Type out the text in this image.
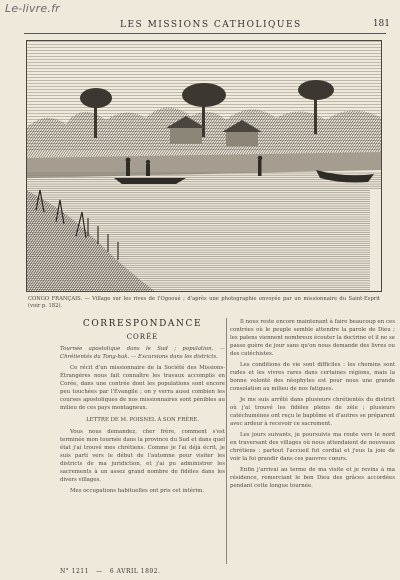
Le-livre.fr
LES MISSIONS CATHOLIQUES	181
CONGO FRANÇAIS. — Village sur les rives de l'Ogooué ; d'après une photographie envoyée par un missionnaire du Saint-Esprit (voir p. 182).
CORRESPONDANCE
CORÉE

Tournée apostolique dans le Sud ; population. — Chrétientés du Tong-hak. — Excursions dans les districts.

Ce récit d'un missionnaire de la Société des Missions-Étrangères nous fait connaître les travaux accomplis en Corée, dans une contrée dont les populations sont encore peu touchées par l'Évangile ; on y verra aussi combien les courses apostoliques de nos missionnaires sont pénibles au milieu de ces pays montagneux.

LETTRE DE M. POISNEL À SON FRÈRE.

Vous nous demandez, cher frère, comment s'est terminée mon tournée dans la province du Sud et dans quel état j'ai trouvé mes chrétiens. Comme je l'ai déjà écrit, je suis parti vers le début de l'automne pour visiter les districts de ma juridiction, et j'ai pu administrer les sacrements à un assez grand nombre de fidèles dans les divers villages.

Mes occupations habituelles ont pris cet intérim.

Il nous reste encore maintenant à faire beaucoup en ces contrées où le peuple semble attendre la parole de Dieu ; les païens viennent nombreux écouter la doctrine et il ne se passe guère de jour sans qu'on nous demande des livres ou des catéchistes.

Les conditions de vie sont difficiles : les chemins sont rudes et les vivres rares dans certaines régions, mais la bonne volonté des néophytes est pour nous une grande consolation au milieu de nos fatigues.

Je me suis arrêté dans plusieurs chrétientés du district où j'ai trouvé les fidèles pleins de zèle ; plusieurs catéchumènes ont reçu le baptême et d'autres se préparent avec ardeur à recevoir ce sacrement.

Les jours suivants, je poursuivis ma route vers le nord en traversant des villages où nous attendaient de nouveaux chrétiens ; partout l'accueil fut cordial et j'eus la joie de voir la foi grandir dans ces pauvres cœurs.

Enfin j'arrivai au terme de ma visite et je revins à ma résidence, remerciant le bon Dieu des grâces accordées pendant cette longue tournée.

N° 1211   —   6 AVRIL 1892.
